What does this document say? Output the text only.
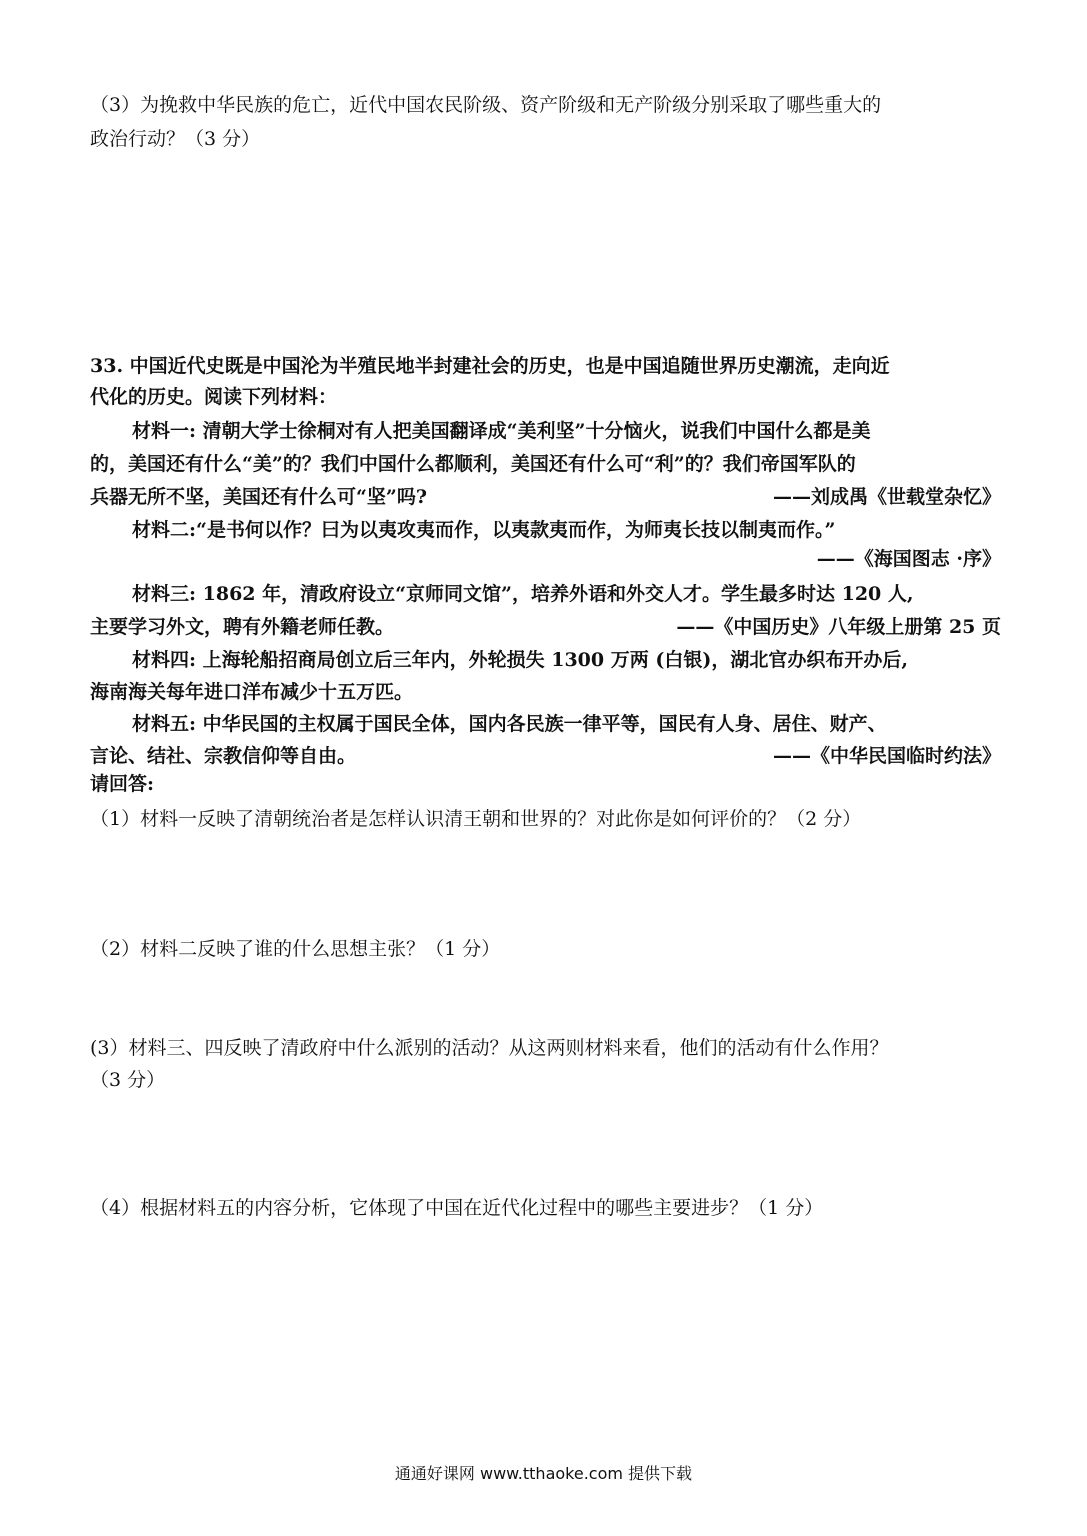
（3）为挽救中华民族的危亡，近代中国农民阶级、资产阶级和无产阶级分别采取了哪些重大的
政治行动？（3 分）
33. 中国近代史既是中国沦为半殖民地半封建社会的历史，也是中国追随世界历史潮流，走向近
代化的历史。阅读下列材料：
材料一: 清朝大学士徐桐对有人把美国翻译成“美利坚”十分恼火，说我们中国什么都是美
的，美国还有什么“美”的？我们中国什么都顺利，美国还有什么可“利”的？我们帝国军队的
兵器无所不坚，美国还有什么可“坚”吗?	——刘成禺《世载堂杂忆》
材料二:“是书何以作？曰为以夷攻夷而作，以夷款夷而作，为师夷长技以制夷而作。”
——《海国图志 ·序》
材料三: 1862 年，清政府设立“京师同文馆”，培养外语和外交人才。学生最多时达 120 人,
主要学习外文，聘有外籍老师任教。	——《中国历史》八年级上册第 25 页
材料四: 上海轮船招商局创立后三年内，外轮损失 1300 万两 (白银)，湖北官办织布开办后,
海南海关每年进口洋布减少十五万匹。
材料五: 中华民国的主权属于国民全体，国内各民族一律平等，国民有人身、居住、财产、
言论、结社、宗教信仰等自由。	——《中华民国临时约法》
请回答:
（1）材料一反映了清朝统治者是怎样认识清王朝和世界的？对此你是如何评价的？（2 分）
（2）材料二反映了谁的什么思想主张？（1 分）
(3）材料三、四反映了清政府中什么派别的活动？从这两则材料来看，他们的活动有什么作用？
（3 分）
（4）根据材料五的内容分析，它体现了中国在近代化过程中的哪些主要进步？（1 分）
通通好课网 www.tthaoke.com 提供下载
